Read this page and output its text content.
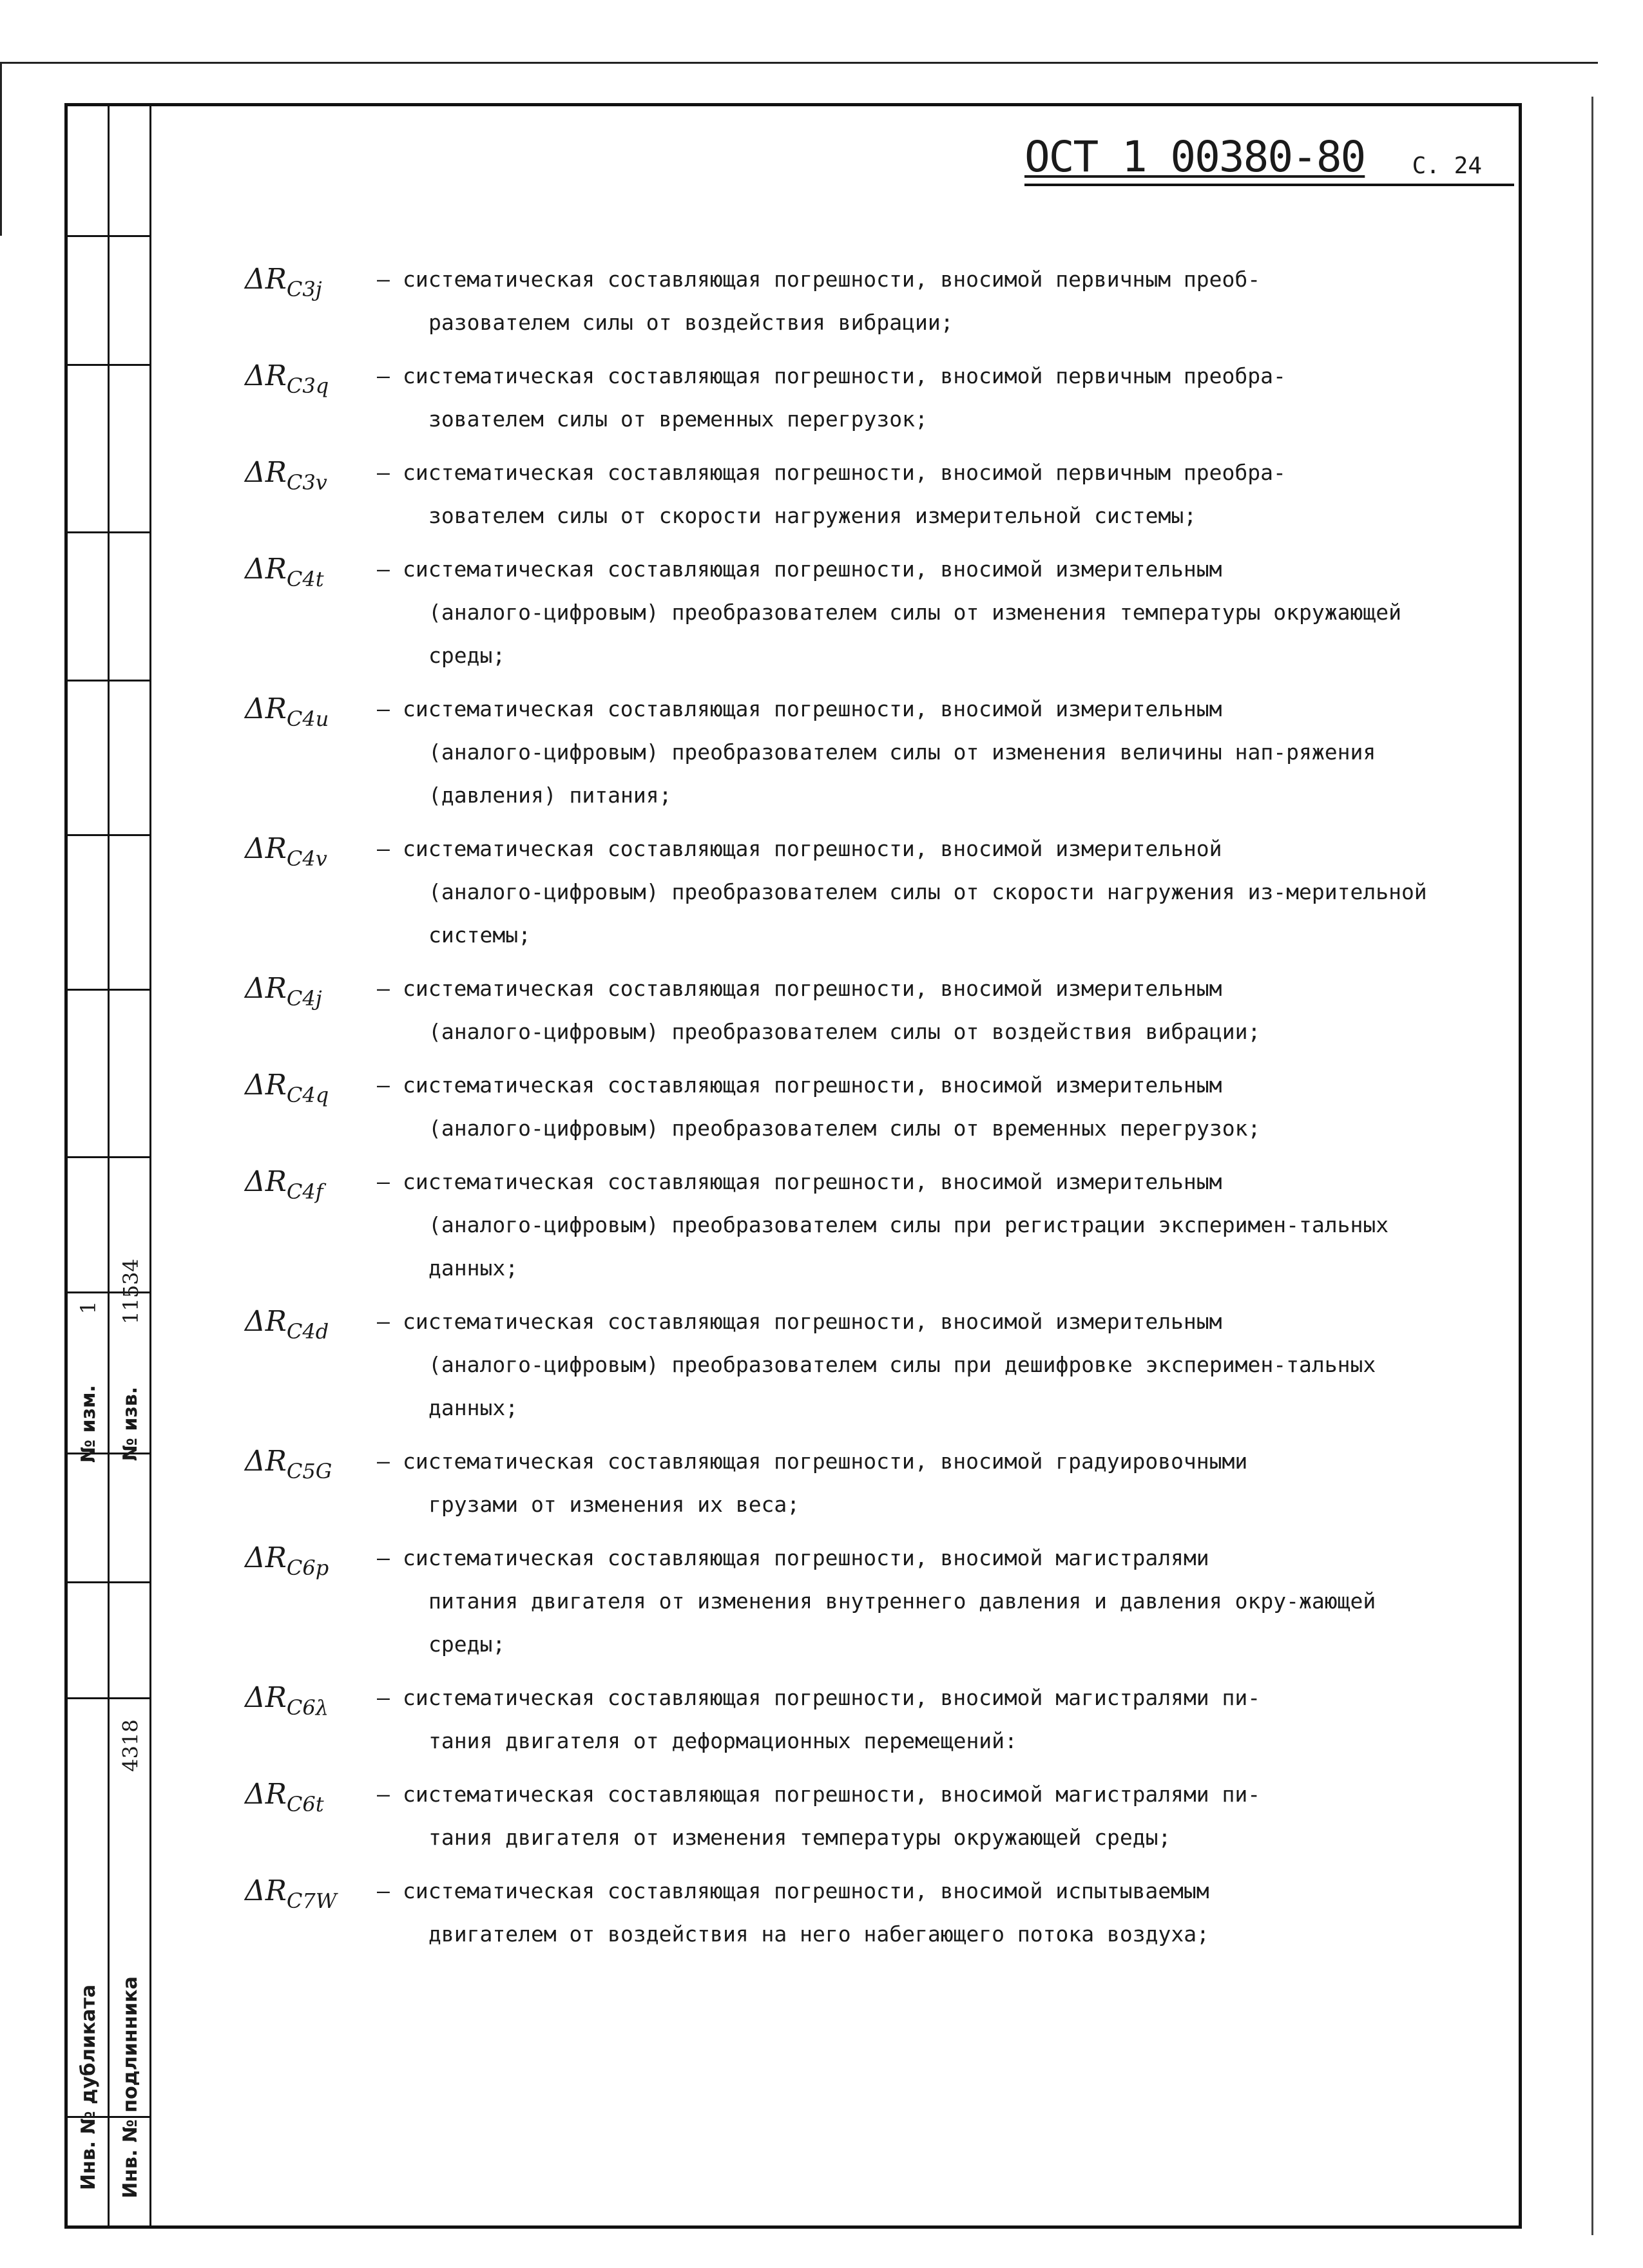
№ изм. № изв.
1 11534
4318
Инв. № дубликата Инв. № подлинника
ОСТ 1 00380-80 С. 24
$\Delta R_{C3j}$	– систематическая составляющая погрешности, вносимой первичным преоб-
разователем силы от воздействия вибрации;
$\Delta R_{C3q}$	– систематическая составляющая погрешности, вносимой первичным преобра-
зователем силы от временных перегрузок;
$\Delta R_{C3v}$	– систематическая составляющая погрешности, вносимой первичным преобра-
зователем силы от скорости нагружения измерительной системы;
$\Delta R_{C4t}$	– систематическая составляющая погрешности, вносимой измерительным
(аналого-цифровым) преобразователем силы от изменения температуры окружающей среды;
$\Delta R_{C4u}$	– систематическая составляющая погрешности, вносимой измерительным
(аналого-цифровым) преобразователем силы от изменения величины нап-ряжения (давления) питания;
$\Delta R_{C4v}$	– систематическая составляющая погрешности, вносимой измерительной
(аналого-цифровым) преобразователем силы от скорости нагружения из-мерительной системы;
$\Delta R_{C4j}$	– систематическая составляющая погрешности, вносимой измерительным
(аналого-цифровым) преобразователем силы от воздействия вибрации;
$\Delta R_{C4q}$	– систематическая составляющая погрешности, вносимой измерительным
(аналого-цифровым) преобразователем силы от временных перегрузок;
$\Delta R_{C4f}$	– систематическая составляющая погрешности, вносимой измерительным
(аналого-цифровым) преобразователем силы при регистрации эксперимен-тальных данных;
$\Delta R_{C4d}$	– систематическая составляющая погрешности, вносимой измерительным
(аналого-цифровым) преобразователем силы при дешифровке эксперимен-тальных данных;
$\Delta R_{C5G}$	– систематическая составляющая погрешности, вносимой градуировочными
грузами от изменения их веса;
$\Delta R_{C6p}$	– систематическая составляющая погрешности, вносимой магистралями
питания двигателя от изменения внутреннего давления и давления окру-жающей среды;
$\Delta R_{C6\lambda}$	– систематическая составляющая погрешности, вносимой магистралями пи-
тания двигателя от деформационных перемещений:
$\Delta R_{C6t}$	– систематическая составляющая погрешности, вносимой магистралями пи-
тания двигателя от изменения температуры окружающей среды;
$\Delta R_{C7W}$	– систематическая составляющая погрешности, вносимой испытываемым
двигателем от воздействия на него набегающего потока воздуха;
